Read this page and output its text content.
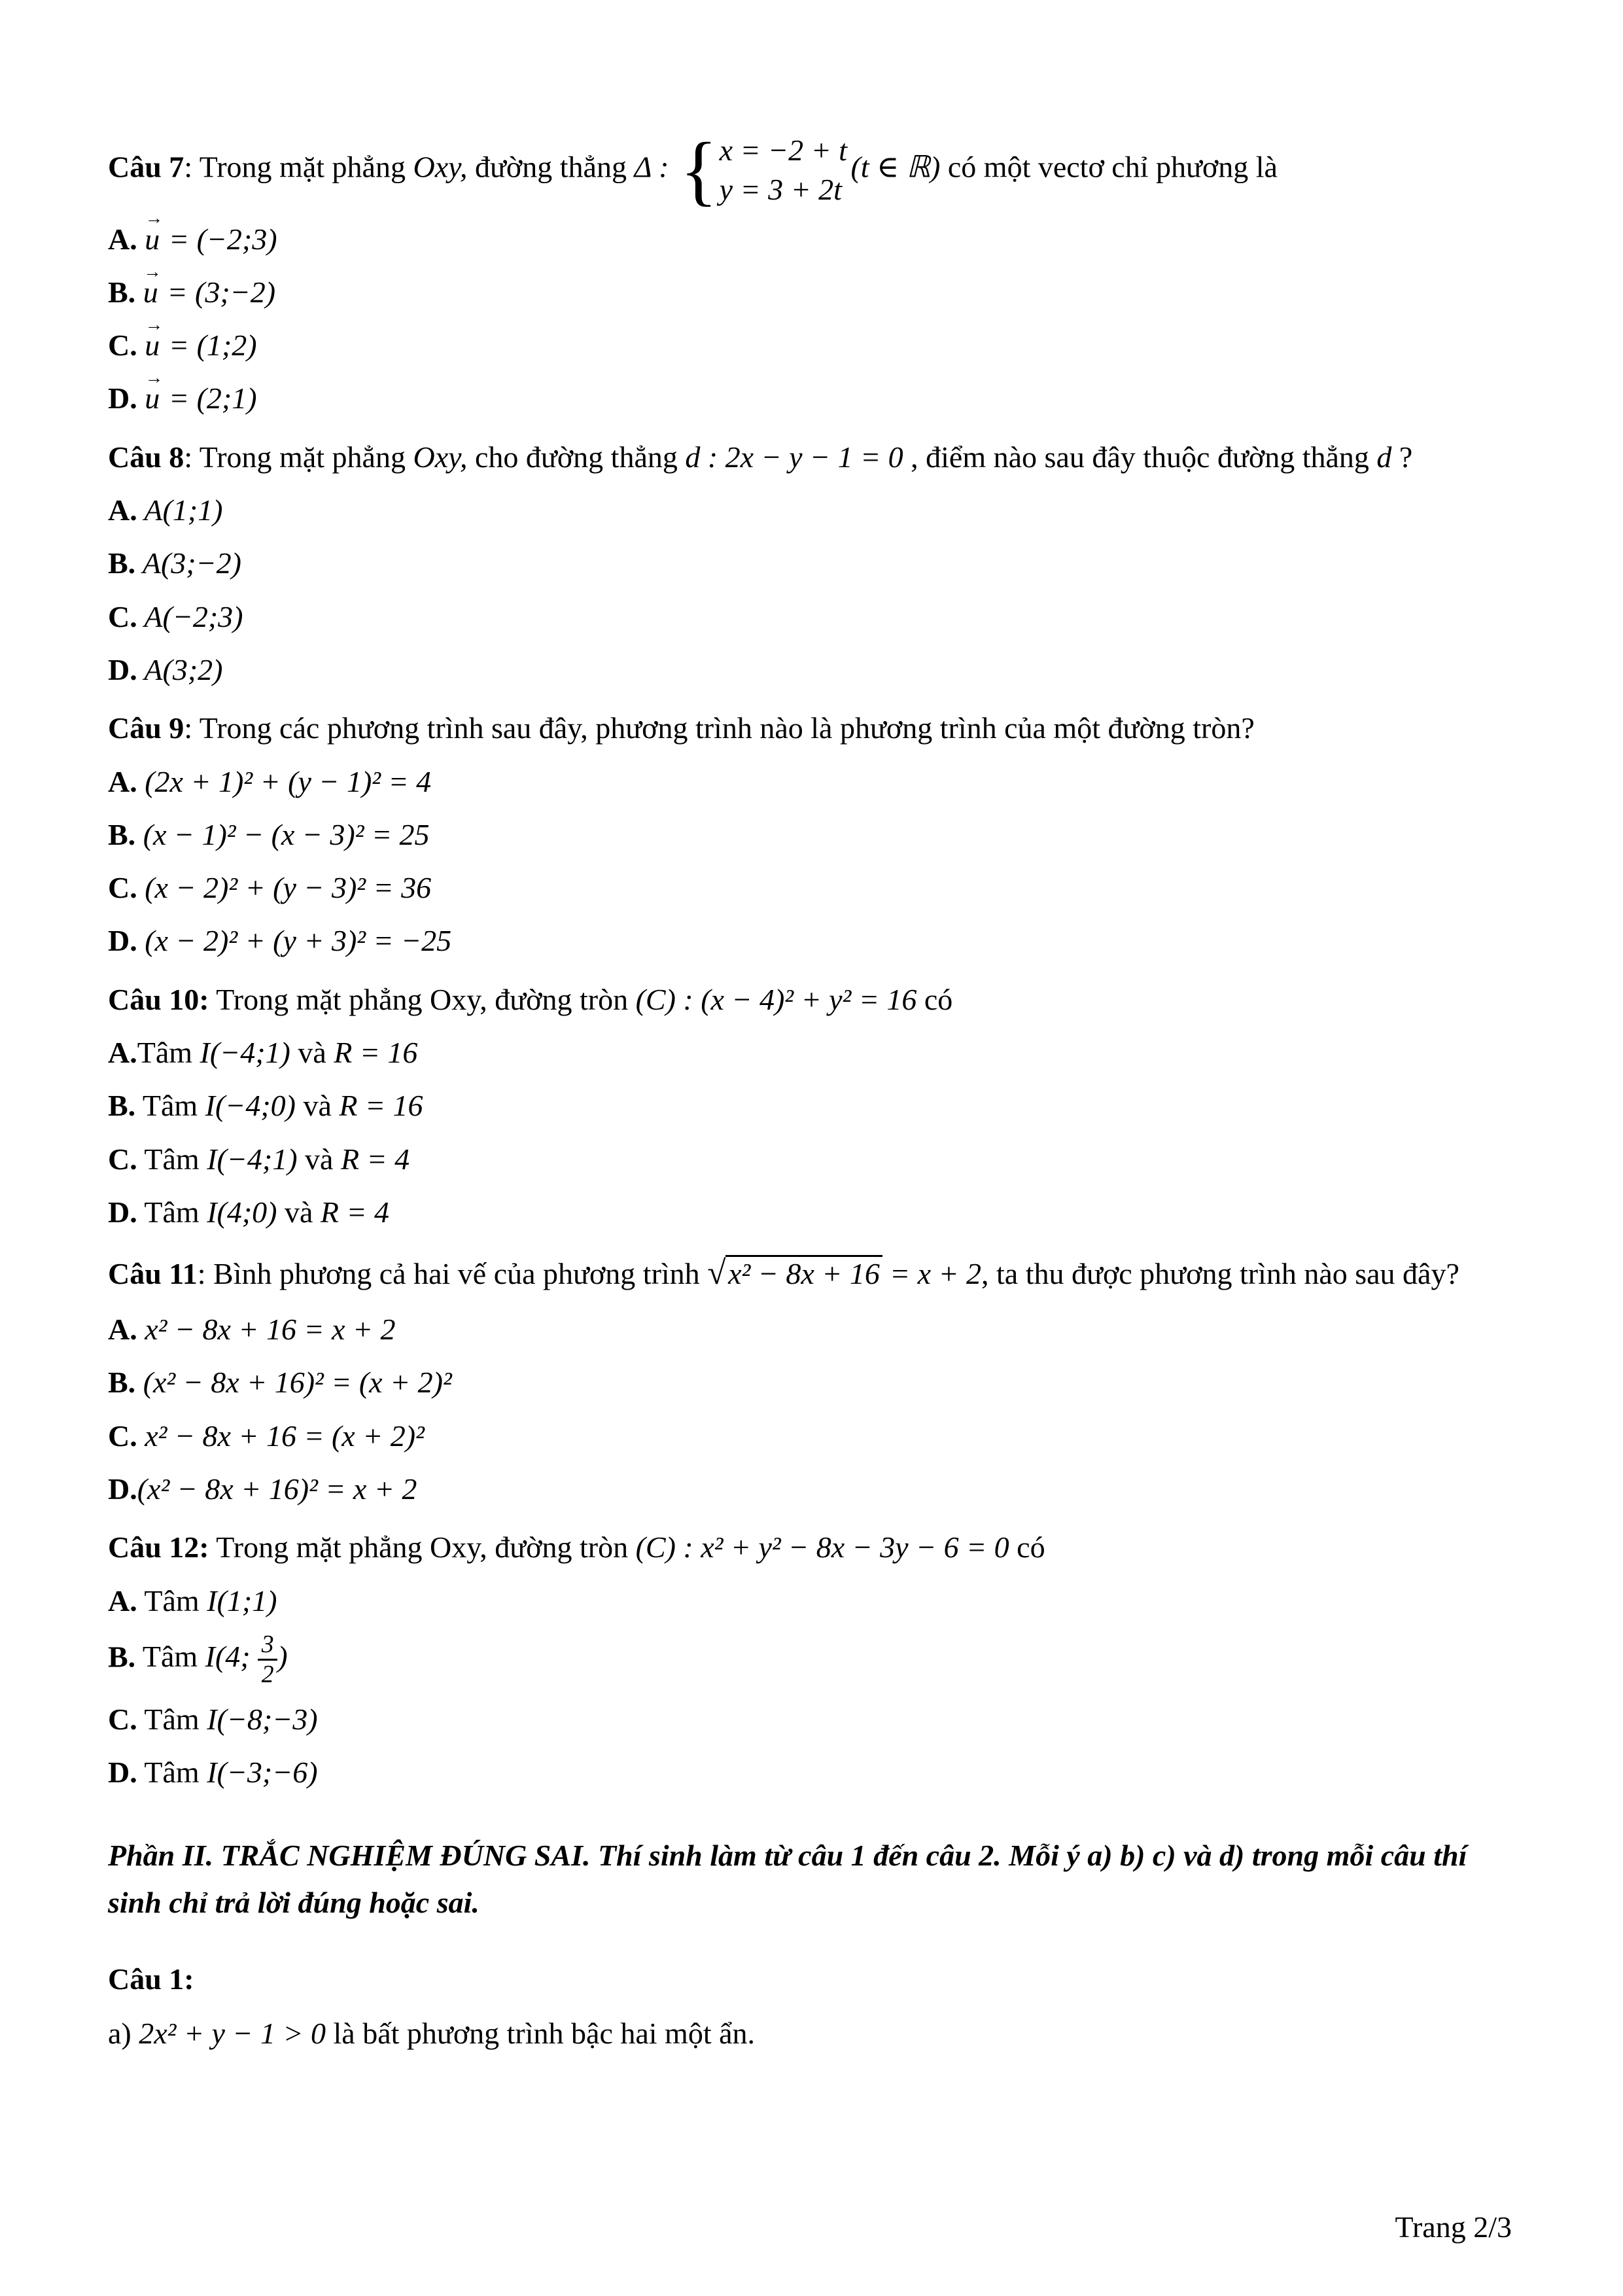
Câu 7: Trong mặt phẳng Oxy, đường thẳng Δ : { x = −2 + t
y = 3 + 2t
(t ∈ ℝ) có một vectơ chỉ phương là

A. u → = (−2;3)
B. u → = (3;−2)
C. u → = (1;2)
D. u → = (2;1)

Câu 8: Trong mặt phẳng Oxy, cho đường thẳng d : 2x − y − 1 = 0 , điểm nào sau đây thuộc đường thẳng d ?

A. A(1;1)
B. A(3;−2)
C. A(−2;3)
D. A(3;2)

Câu 9: Trong các phương trình sau đây, phương trình nào là phương trình của một đường tròn?

A. (2x + 1)² + (y − 1)² = 4
B. (x − 1)² − (x − 3)² = 25
C. (x − 2)² + (y − 3)² = 36
D. (x − 2)² + (y + 3)² = −25

Câu 10: Trong mặt phẳng Oxy, đường tròn (C) : (x − 4)² + y² = 16 có

A.Tâm I(−4;1) và R = 16
B. Tâm I(−4;0) và R = 16
C. Tâm I(−4;1) và R = 4
D. Tâm I(4;0) và R = 4

Câu 11: Bình phương cả hai vế của phương trình √ x² − 8x + 16 = x + 2, ta thu được phương trình nào sau đây?

A. x² − 8x + 16 = x + 2
B. (x² − 8x + 16)² = (x + 2)²
C. x² − 8x + 16 = (x + 2)²
D.(x² − 8x + 16)² = x + 2

Câu 12: Trong mặt phẳng Oxy, đường tròn (C) : x² + y² − 8x − 3y − 6 = 0 có

A. Tâm I(1;1)
B. Tâm I(4; $\frac{3}{2}$ )
C. Tâm I(−8;−3)
D. Tâm I(−3;−6)

Phần II. TRẮC NGHIỆM ĐÚNG SAI. Thí sinh làm từ câu 1 đến câu 2. Mỗi ý a) b) c) và d) trong mỗi câu thí sinh chỉ trả lời đúng hoặc sai.

Câu 1:

a) 2x² + y − 1 > 0 là bất phương trình bậc hai một ẩn.

Trang 2/3
